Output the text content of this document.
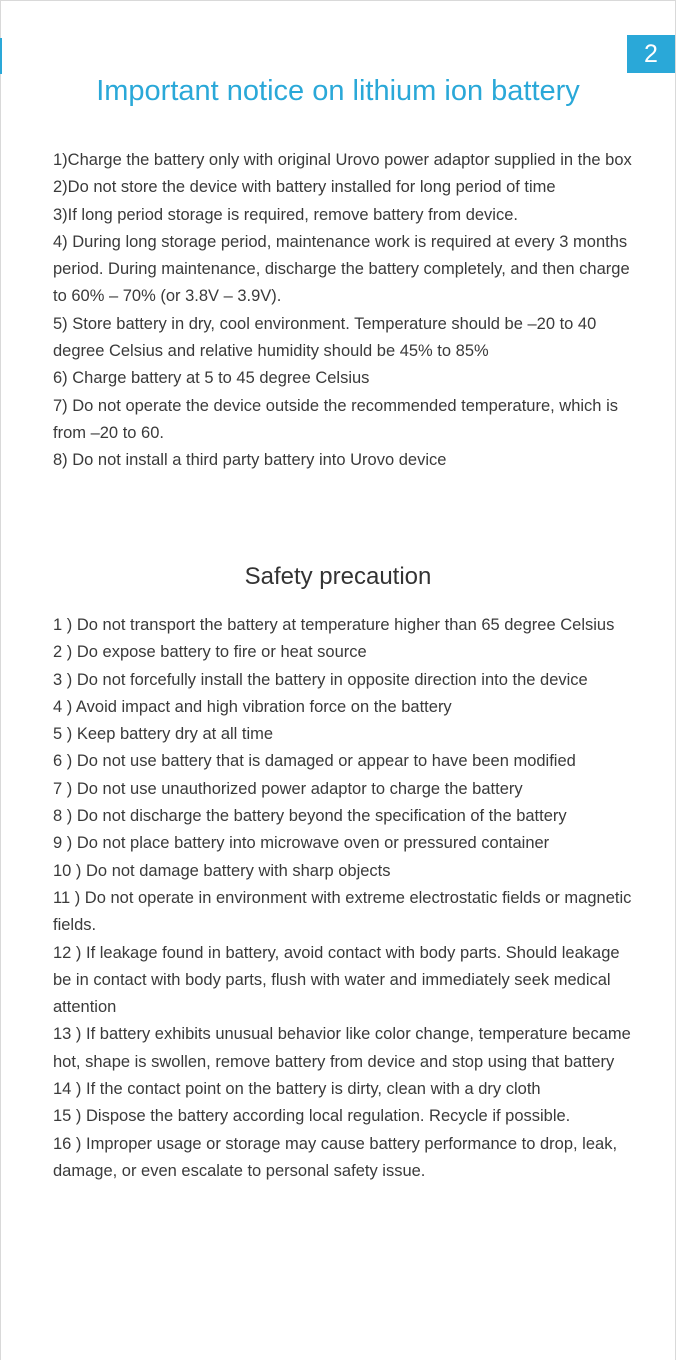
2
Important notice on lithium ion battery
1)Charge the battery only with original Urovo power adaptor supplied in the box
2)Do not store the device with battery installed for long period of time
3)If long period storage is required, remove battery from device.
4) During long storage period, maintenance work is required at every 3 months period. During maintenance, discharge the battery completely, and then charge to 60% – 70% (or 3.8V – 3.9V).
5) Store battery in dry, cool environment. Temperature should be –20 to 40 degree Celsius and relative humidity should be 45% to 85%
6) Charge battery at 5 to 45 degree Celsius
7) Do not operate the device outside the recommended temperature, which is from –20 to 60.
8) Do not install a third party battery into Urovo device
Safety precaution
1 ) Do not transport the battery at temperature higher than 65 degree Celsius
2 ) Do expose battery to fire or heat source
3 ) Do not forcefully install the battery in opposite direction into the device
4 ) Avoid impact and high vibration force on the battery
5 ) Keep battery dry at all time
6 ) Do not use battery that is damaged or appear to have been modified
7 ) Do not use unauthorized power adaptor to charge the battery
8 ) Do not discharge the battery beyond the specification of the battery
9 ) Do not place battery into microwave oven or pressured container
10 ) Do not damage battery with sharp objects
11 ) Do not operate in environment with extreme electrostatic fields or magnetic fields.
12 ) If leakage found in battery, avoid contact with body parts. Should leakage be in contact with body parts, flush with water and immediately seek medical attention
13 ) If battery exhibits unusual behavior like color change, temperature became hot, shape is swollen, remove battery from device and stop using that battery
14 ) If the contact point on the battery is dirty, clean with a dry cloth
15 ) Dispose the battery according local regulation. Recycle if possible.
16 ) Improper usage or storage may cause battery performance to drop, leak, damage, or even escalate to personal safety issue.
